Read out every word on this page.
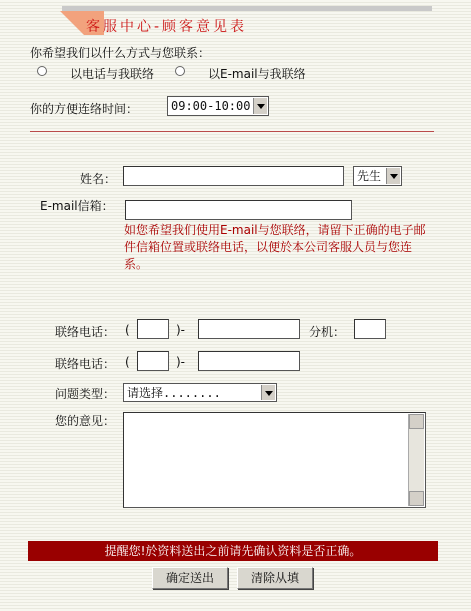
客服中心-顾客意见表
你希望我们以什么方式与您联系：
以电话与我联络	以E-mail与我联络
你的方便连络时间：	09:00-10:00
姓名：	先生
E-mail信箱：
如您希望我们使用E-mail与您联络，请留下正确的电子邮件信箱位置或联络电话，以便於本公司客服人员与您连系。
联络电话： (	)-	分机：
联络电话： (	)-
问题类型： 请选择........
您的意见：
提醒您!於资料送出之前请先确认资料是否正确。
确定送出	清除从填
